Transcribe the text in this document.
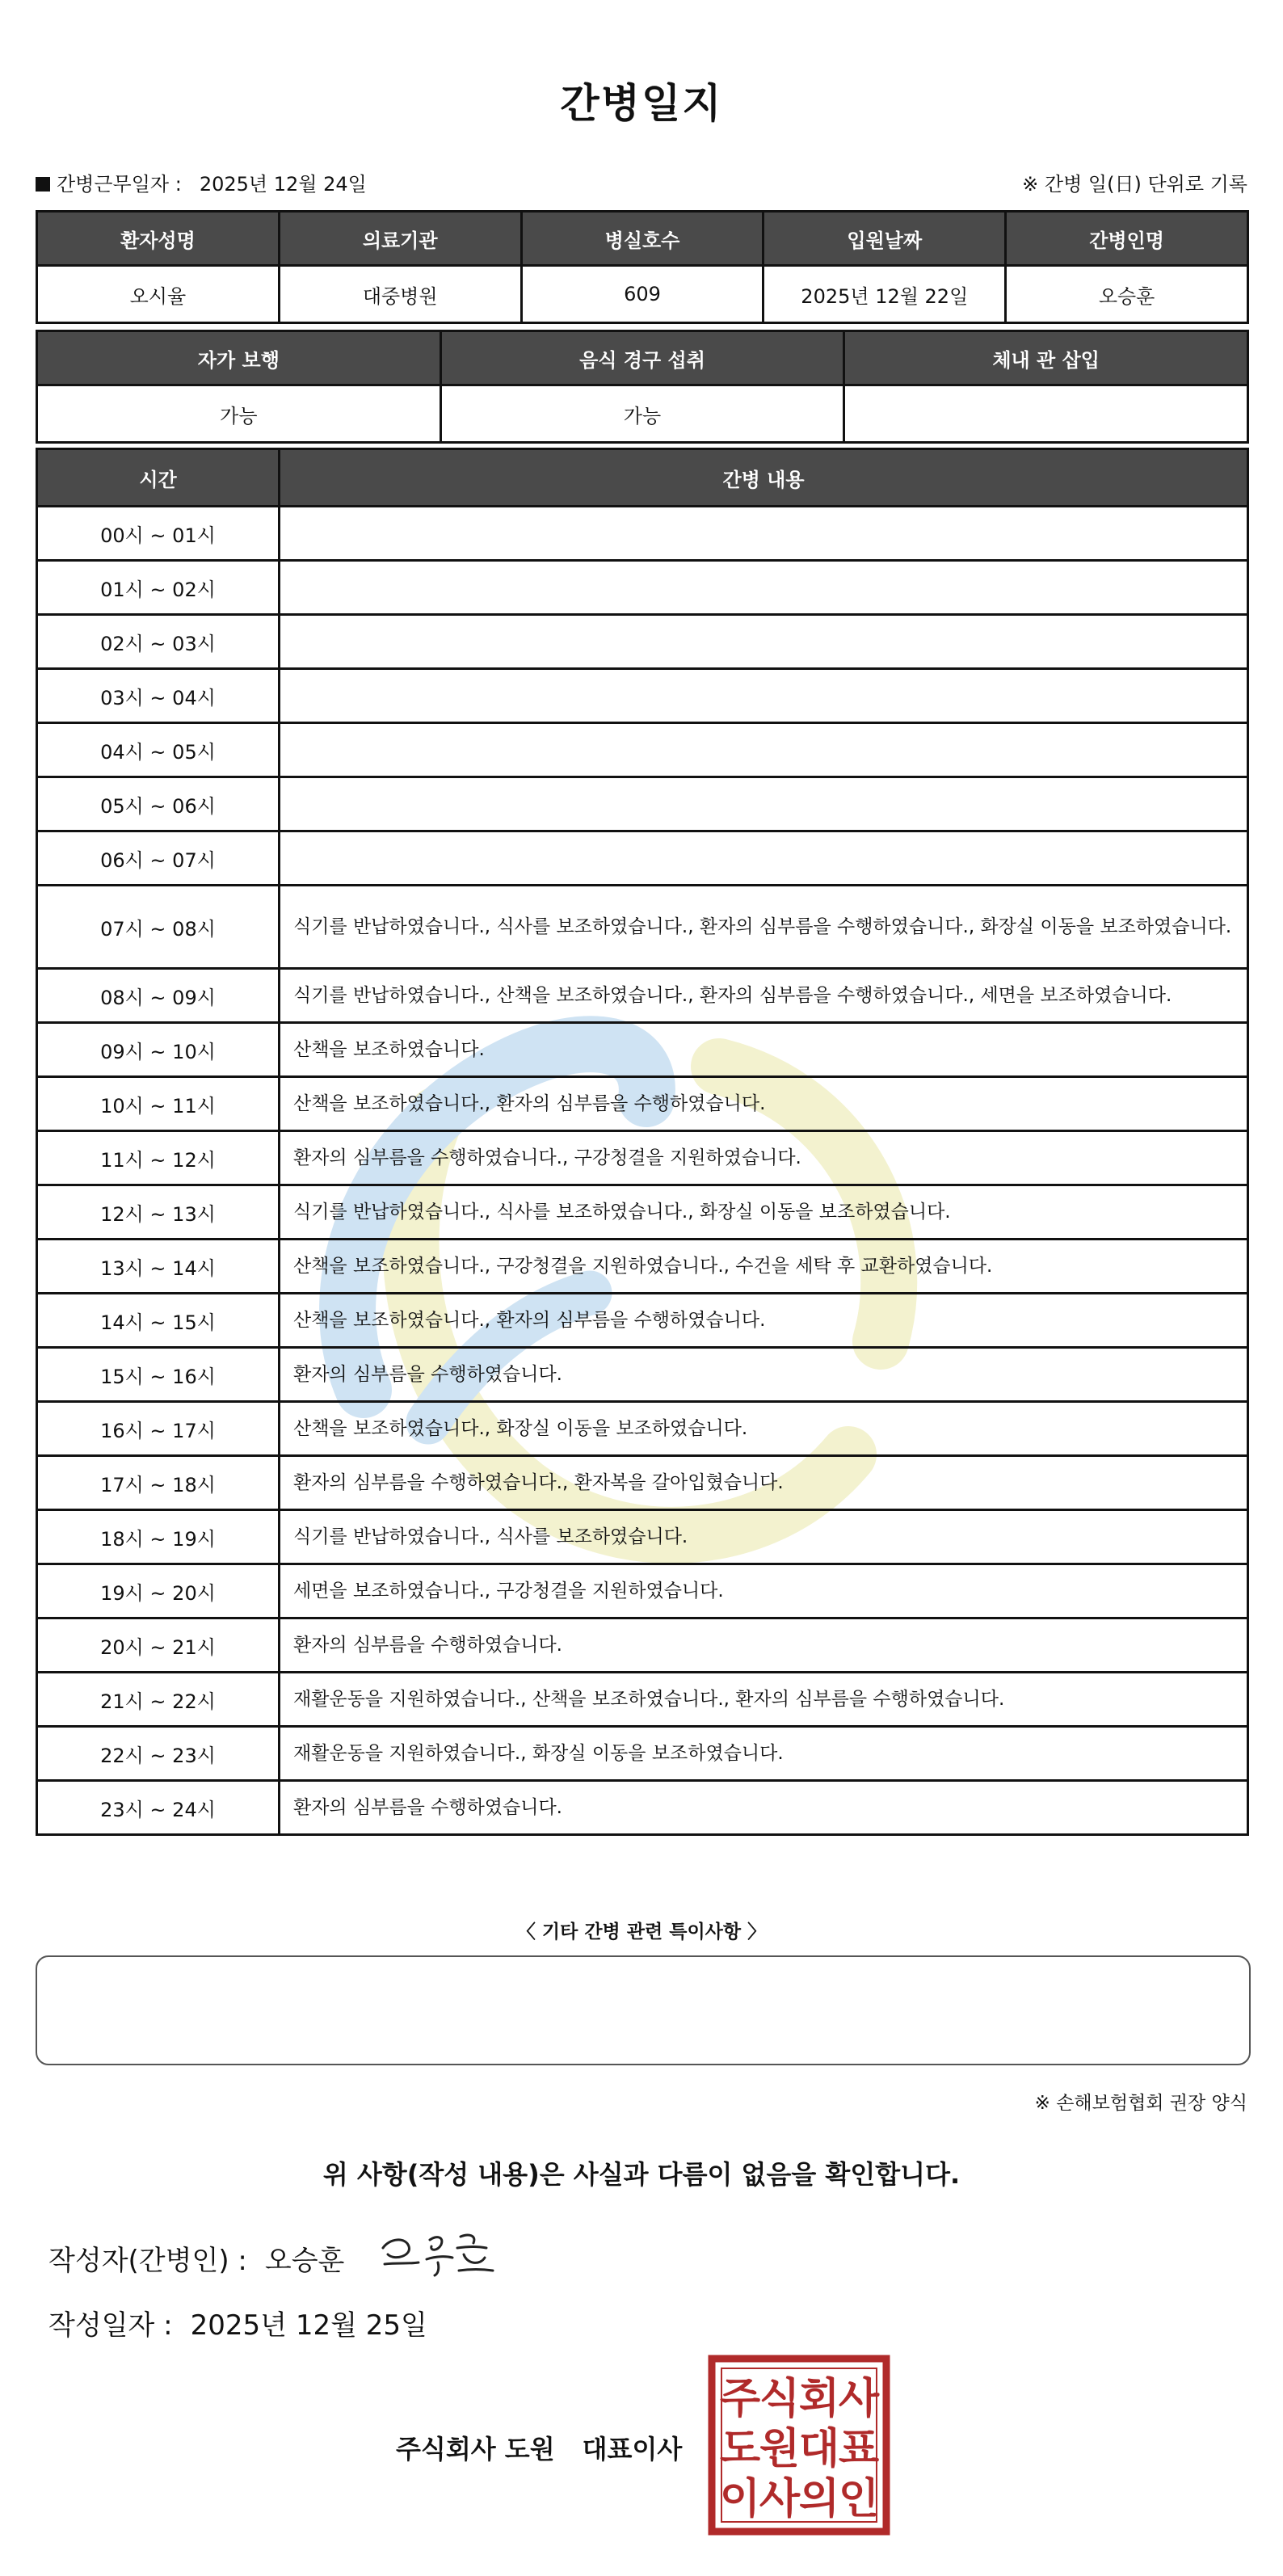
간병일지
간병근무일자 : 2025년 12월 24일	※ 간병 일(日) 단위로 기록
환자성명	의료기관	병실호수	입원날짜	간병인명
오시율	대중병원	609	2025년 12월 22일	오승훈
자가 보행	음식 경구 섭취	체내 관 삽입
가능	가능	
시간	간병 내용
00시 ~ 01시	
01시 ~ 02시	
02시 ~ 03시	
03시 ~ 04시	
04시 ~ 05시	
05시 ~ 06시	
06시 ~ 07시	
07시 ~ 08시	식기를 반납하였습니다., 식사를 보조하였습니다., 환자의 심부름을 수행하였습니다., 화장실 이동을 보조하였습니다.
08시 ~ 09시	식기를 반납하였습니다., 산책을 보조하였습니다., 환자의 심부름을 수행하였습니다., 세면을 보조하였습니다.
09시 ~ 10시	산책을 보조하였습니다.
10시 ~ 11시	산책을 보조하였습니다., 환자의 심부름을 수행하였습니다.
11시 ~ 12시	환자의 심부름을 수행하였습니다., 구강청결을 지원하였습니다.
12시 ~ 13시	식기를 반납하였습니다., 식사를 보조하였습니다., 화장실 이동을 보조하였습니다.
13시 ~ 14시	산책을 보조하였습니다., 구강청결을 지원하였습니다., 수건을 세탁 후 교환하였습니다.
14시 ~ 15시	산책을 보조하였습니다., 환자의 심부름을 수행하였습니다.
15시 ~ 16시	환자의 심부름을 수행하였습니다.
16시 ~ 17시	산책을 보조하였습니다., 화장실 이동을 보조하였습니다.
17시 ~ 18시	환자의 심부름을 수행하였습니다., 환자복을 갈아입혔습니다.
18시 ~ 19시	식기를 반납하였습니다., 식사를 보조하였습니다.
19시 ~ 20시	세면을 보조하였습니다., 구강청결을 지원하였습니다.
20시 ~ 21시	환자의 심부름을 수행하였습니다.
21시 ~ 22시	재활운동을 지원하였습니다., 산책을 보조하였습니다., 환자의 심부름을 수행하였습니다.
22시 ~ 23시	재활운동을 지원하였습니다., 화장실 이동을 보조하였습니다.
23시 ~ 24시	환자의 심부름을 수행하였습니다.
〈 기타 간병 관련 특이사항 〉
※ 손해보험협회 권장 양식
위 사항(작성 내용)은 사실과 다름이 없음을 확인합니다.
작성자(간병인) : 오승훈
작성일자 : 2025년 12월 25일
주식회사 도원 대표이사
주
식
회
사
도
원
대
표
이
사
의
인
